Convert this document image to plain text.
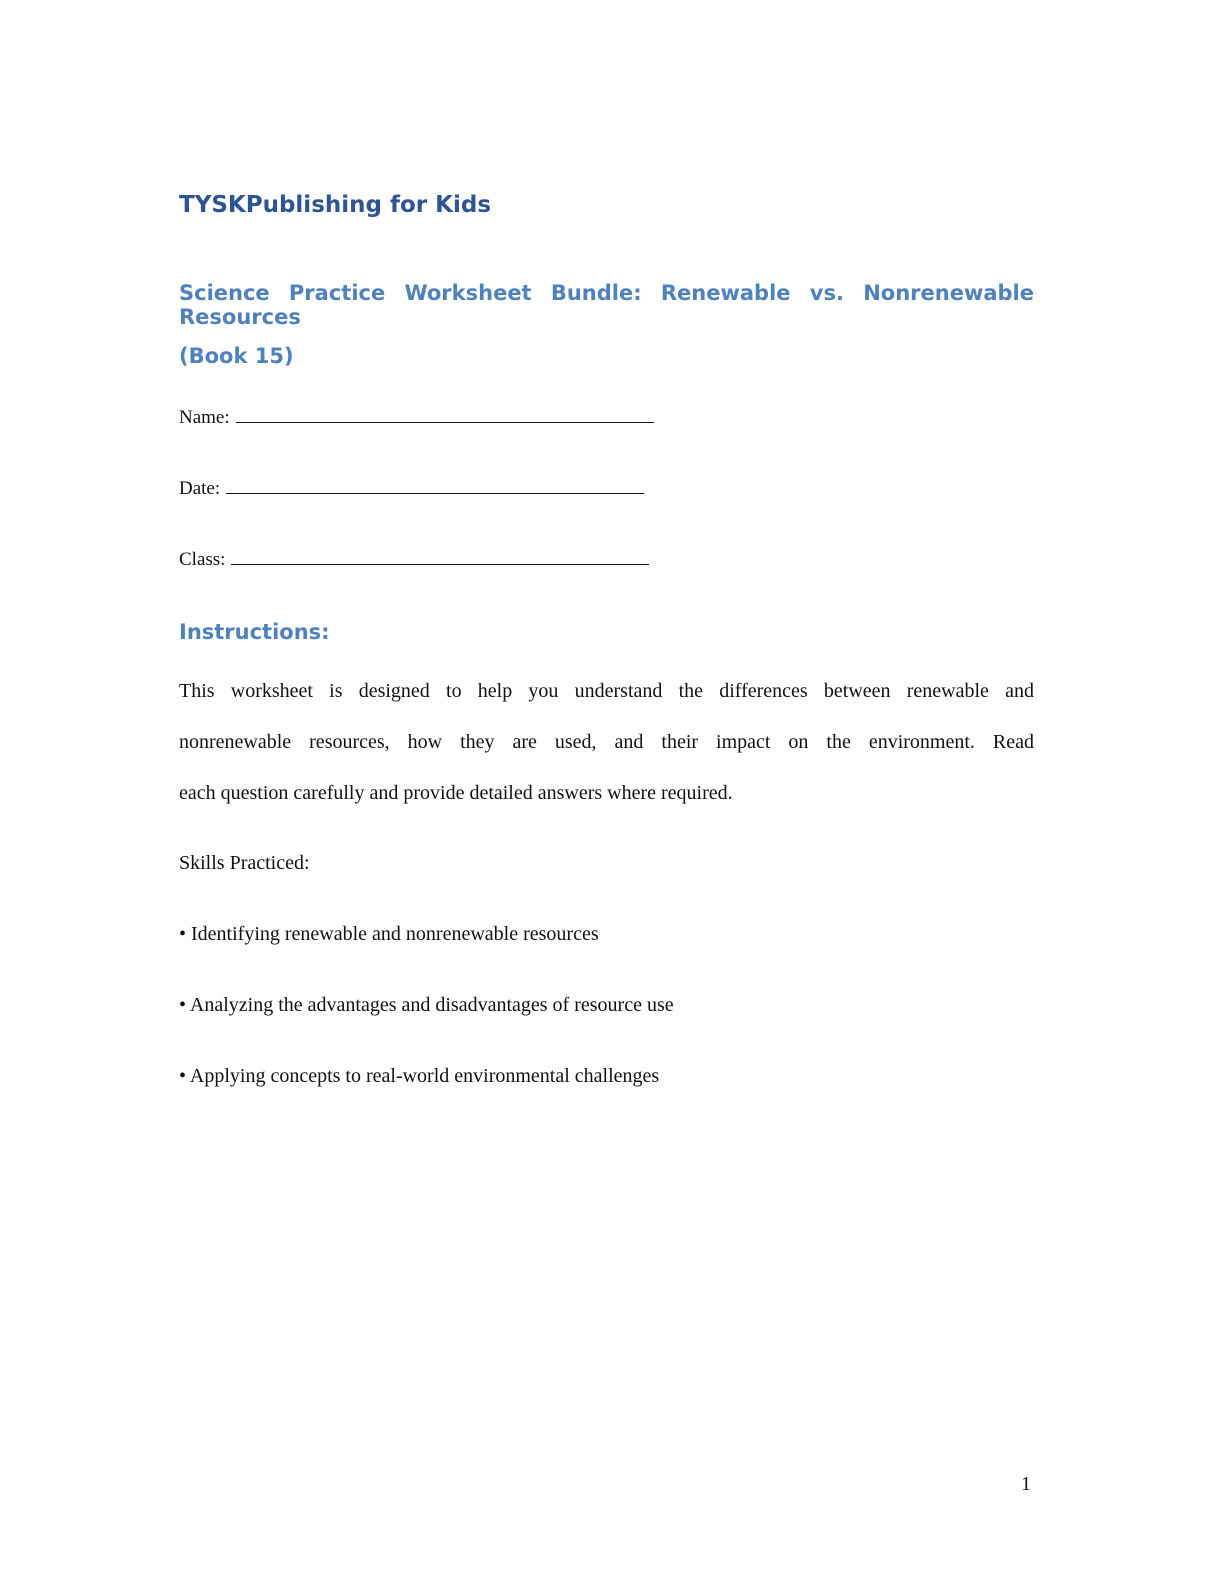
TYSKPublishing for Kids
Science Practice Worksheet Bundle: Renewable vs. Nonrenewable Resources
(Book 15)
Name:
Date:
Class:
Instructions:
This worksheet is designed to help you understand the differences between renewable and
nonrenewable resources, how they are used, and their impact on the environment. Read
each question carefully and provide detailed answers where required.
Skills Practiced:
• Identifying renewable and nonrenewable resources
• Analyzing the advantages and disadvantages of resource use
• Applying concepts to real-world environmental challenges
1
